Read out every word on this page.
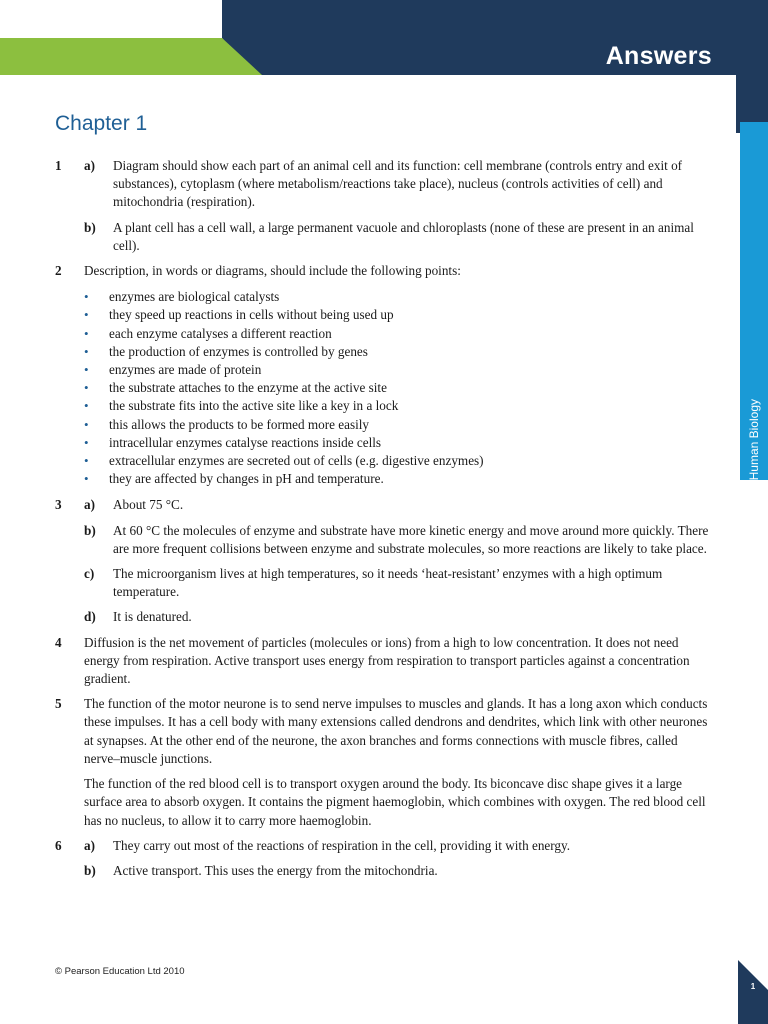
Answers
Human Biology
Chapter 1
1 a) Diagram should show each part of an animal cell and its function: cell membrane (controls entry and exit of substances), cytoplasm (where metabolism/reactions take place), nucleus (controls activities of cell) and mitochondria (respiration).
b) A plant cell has a cell wall, a large permanent vacuole and chloroplasts (none of these are present in an animal cell).
2 Description, in words or diagrams, should include the following points:
• enzymes are biological catalysts
• they speed up reactions in cells without being used up
• each enzyme catalyses a different reaction
• the production of enzymes is controlled by genes
• enzymes are made of protein
• the substrate attaches to the enzyme at the active site
• the substrate fits into the active site like a key in a lock
• this allows the products to be formed more easily
• intracellular enzymes catalyse reactions inside cells
• extracellular enzymes are secreted out of cells (e.g. digestive enzymes)
• they are affected by changes in pH and temperature.
3 a) About 75 °C.
b) At 60 °C the molecules of enzyme and substrate have more kinetic energy and move around more quickly. There are more frequent collisions between enzyme and substrate molecules, so more reactions are likely to take place.
c) The microorganism lives at high temperatures, so it needs ‘heat-resistant’ enzymes with a high optimum temperature.
d) It is denatured.
4 Diffusion is the net movement of particles (molecules or ions) from a high to low concentration. It does not need energy from respiration. Active transport uses energy from respiration to transport particles against a concentration gradient.
5 The function of the motor neurone is to send nerve impulses to muscles and glands. It has a long axon which conducts these impulses. It has a cell body with many extensions called dendrons and dendrites, which link with other neurones at synapses. At the other end of the neurone, the axon branches and forms connections with muscle fibres, called nerve–muscle junctions.
The function of the red blood cell is to transport oxygen around the body. Its biconcave disc shape gives it a large surface area to absorb oxygen. It contains the pigment haemoglobin, which combines with oxygen. The red blood cell has no nucleus, to allow it to carry more haemoglobin.
6 a) They carry out most of the reactions of respiration in the cell, providing it with energy.
b) Active transport. This uses the energy from the mitochondria.
© Pearson Education Ltd 2010
1
